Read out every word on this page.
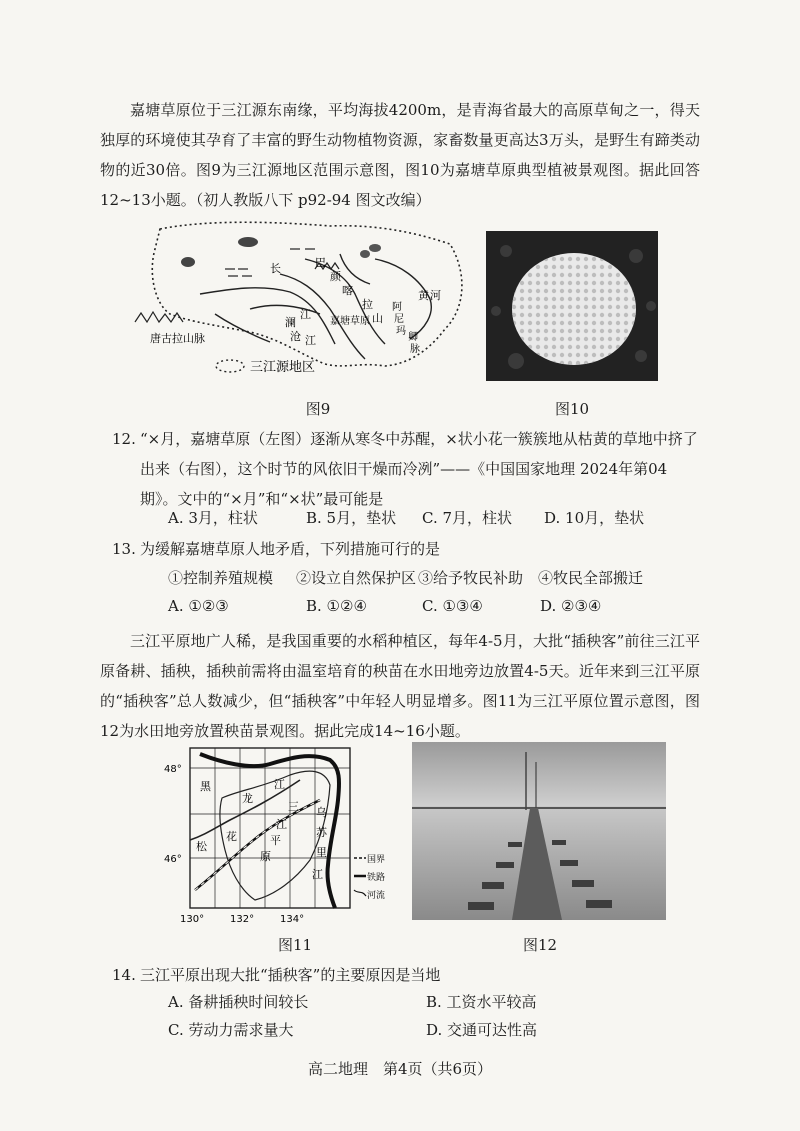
嘉塘草原位于三江源东南缘，平均海拔4200m，是青海省最大的高原草甸之一，得天独厚的环境使其孕育了丰富的野生动物植物资源，家畜数量更高达3万头，是野生有蹄类动物的近30倍。图9为三江源地区范围示意图，图10为嘉塘草原典型植被景观图。据此回答12~13小题。（初人教版八下 p92-94 图文改编）

唐古拉山脉
长
江
巴
颜
喀
拉
山
澜
沧 江
嘉塘草原
黄 河
阿
尼
玛
卿
脉
三江源地区
图9	图10

12. “×月，嘉塘草原（左图）逐渐从寒冬中苏醒，×状小花一簇簇地从枯黄的草地中挤了出来（右图），这个时节的风依旧干燥而冷冽”——《中国国家地理 2024年第04期》。文中的“×月”和“×状”最可能是

A. 3月，柱状	B. 5月，垫状 C. 7月，柱状 D. 10月，垫状

13. 为缓解嘉塘草原人地矛盾，下列措施可行的是

①控制养殖规模 ②设立自然保护区 ③给予牧民补助 ④牧民全部搬迁
A. ①②③	B. ①②④	C. ①③④	D. ②③④

三江平原地广人稀，是我国重要的水稻种植区，每年4-5月，大批“插秧客”前往三江平原备耕、插秧，插秧前需将由温室培育的秧苗在水田地旁边放置4-5天。近年来到三江平原的“插秧客”总人数减少，但“插秧客”中年轻人明显增多。图11为三江平原位置示意图，图12为水田地旁放置秧苗景观图。据此完成14~16小题。

黑
龙
江
三
江
平
原
松
花
乌
苏
里
江
48°
46°
130°	132°	134°
国界
铁路
河流
图11	图12

14. 三江平原出现大批“插秧客”的主要原因是当地

A. 备耕插秧时间较长	B. 工资水平较高
C. 劳动力需求量大	D. 交通可达性高
高二地理　第4页（共6页）
